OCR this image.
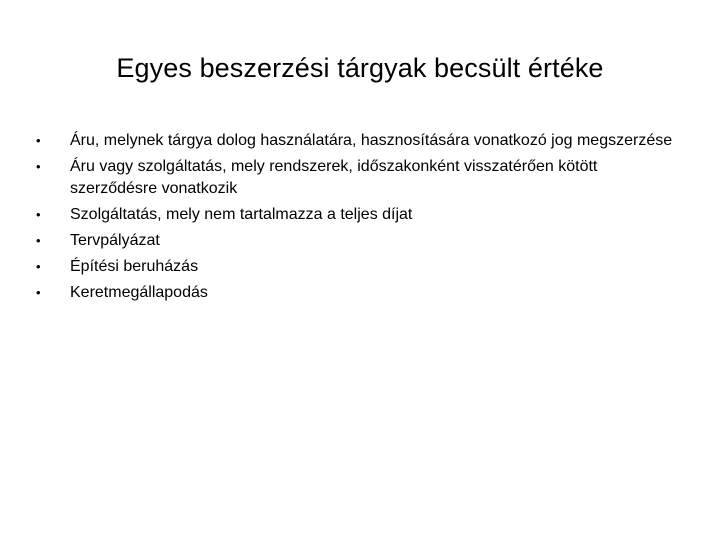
Egyes beszerzési tárgyak becsült értéke
•	Áru, melynek tárgya dolog használatára, hasznosítására vonatkozó jog megszerzése
•	Áru vagy szolgáltatás, mely rendszerek, időszakonként visszatérően kötött szerződésre vonatkozik
•	Szolgáltatás, mely nem tartalmazza a teljes díjat
•	Tervpályázat
•	Építési beruházás
•	Keretmegállapodás
